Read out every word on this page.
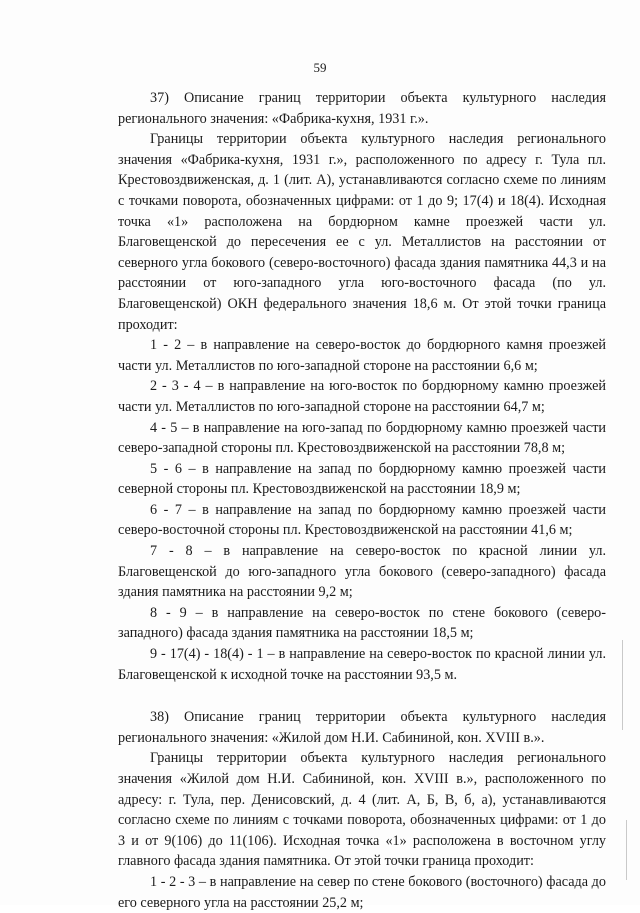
59

37) Описание границ территории объекта культурного наследия регионального значения: «Фабрика-кухня, 1931 г.».

Границы территории объекта культурного наследия регионального значения «Фабрика-кухня, 1931 г.», расположенного по адресу г. Тула пл. Крестовоздвиженская, д. 1 (лит. А), устанавливаются согласно схеме по линиям с точками поворота, обозначенных цифрами: от 1 до 9; 17(4) и 18(4). Исходная точка «1» расположена на бордюрном камне проезжей части ул. Благовещенской до пересечения ее с ул. Металлистов на расстоянии от северного угла бокового (северо-восточного) фасада здания памятника 44,3 и на расстоянии от юго-западного угла юго-восточного фасада (по ул. Благовещенской) ОКН федерального значения 18,6 м. От этой точки граница проходит:

1 - 2 – в направление на северо-восток до бордюрного камня проезжей части ул. Металлистов по юго-западной стороне на расстоянии 6,6 м;

2 - 3 - 4 – в направление на юго-восток по бордюрному камню проезжей части ул. Металлистов по юго-западной стороне на расстоянии 64,7 м;

4 - 5 – в направление на юго-запад по бордюрному камню проезжей части северо-западной стороны пл. Крестовоздвиженской на расстоянии 78,8 м;

5 - 6 – в направление на запад по бордюрному камню проезжей части северной стороны пл. Крестовоздвиженской на расстоянии 18,9 м;

6 - 7 – в направление на запад по бордюрному камню проезжей части северо-восточной стороны пл. Крестовоздвиженской на расстоянии 41,6 м;

7 - 8 – в направление на северо-восток по красной линии ул. Благовещенской до юго-западного угла бокового (северо-западного) фасада здания памятника на расстоянии 9,2 м;

8 - 9 – в направление на северо-восток по стене бокового (северо-западного) фасада здания памятника на расстоянии 18,5 м;

9 - 17(4) - 18(4) - 1 – в направление на северо-восток по красной линии ул. Благовещенской к исходной точке на расстоянии 93,5 м.

38) Описание границ территории объекта культурного наследия регионального значения: «Жилой дом Н.И. Сабининой, кон. XVIII в.».

Границы территории объекта культурного наследия регионального значения «Жилой дом Н.И. Сабининой, кон. XVIII в.», расположенного по адресу: г. Тула, пер. Денисовский, д. 4 (лит. А, Б, В, б, а), устанавливаются согласно схеме по линиям с точками поворота, обозначенных цифрами: от 1 до 3 и от 9(106) до 11(106). Исходная точка «1» расположена в восточном углу главного фасада здания памятника. От этой точки граница проходит:

1 - 2 - 3 – в направление на север по стене бокового (восточного) фасада до его северного угла на расстоянии 25,2 м;
